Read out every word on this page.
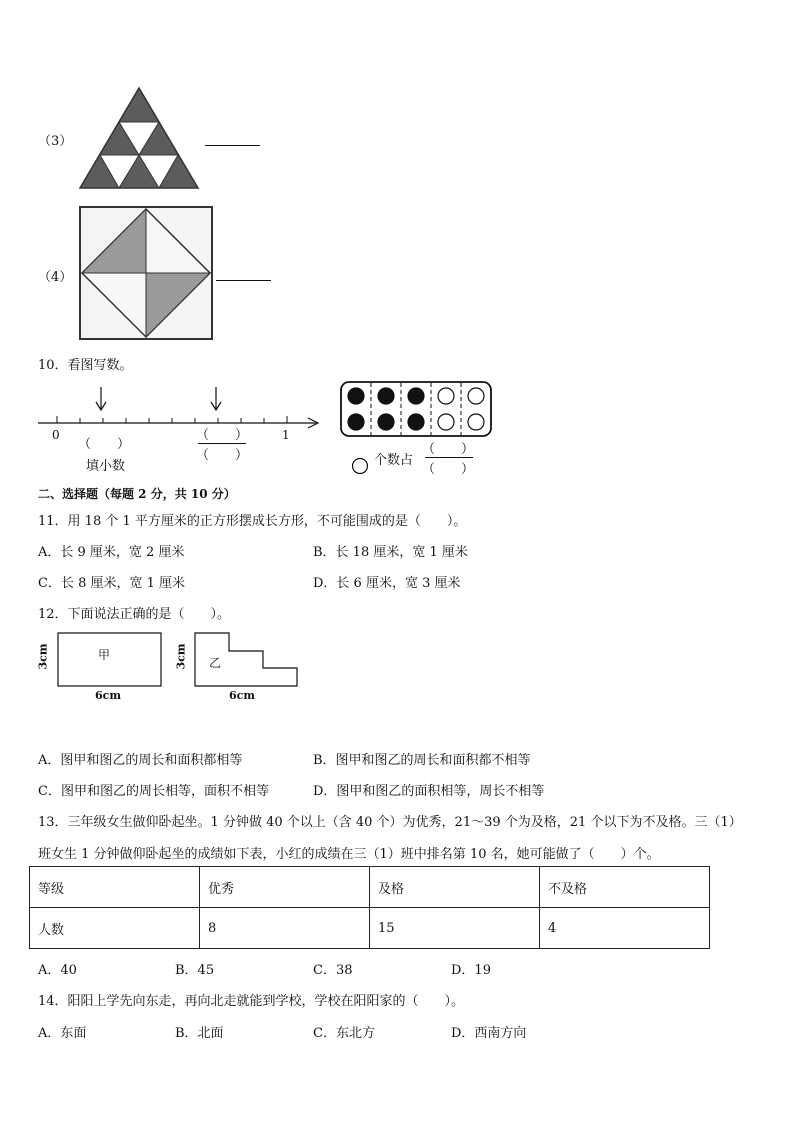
（3）
（4）
10．看图写数。
0	1
（　　）
填小数
（　　）
（　　）	个数占
（　　）
（　　）
二、选择题（每题 2 分，共 10 分）
11．用 18 个 1 平方厘米的正方形摆成长方形，不可能围成的是（　　）。
A．长 9 厘米，宽 2 厘米	B．长 18 厘米，宽 1 厘米
C．长 8 厘米，宽 1 厘米	D．长 6 厘米，宽 3 厘米
12．下面说法正确的是（　　）。
甲
3cm
6cm
乙
3cm
6cm
A．图甲和图乙的周长和面积都相等	B．图甲和图乙的周长和面积都不相等
C．图甲和图乙的周长相等，面积不相等	D．图甲和图乙的面积相等，周长不相等
13．三年级女生做仰卧起坐。1 分钟做 40 个以上（含 40 个）为优秀，21～39 个为及格，21 个以下为不及格。三（1）
班女生 1 分钟做仰卧起坐的成绩如下表，小红的成绩在三（1）班中排名第 10 名，她可能做了（　　）个。
等级	优秀	及格	不及格
人数	8	15	4
A．40	B．45	C．38	D．19
14．阳阳上学先向东走，再向北走就能到学校，学校在阳阳家的（　　）。
A．东面	B．北面	C．东北方	D．西南方向
